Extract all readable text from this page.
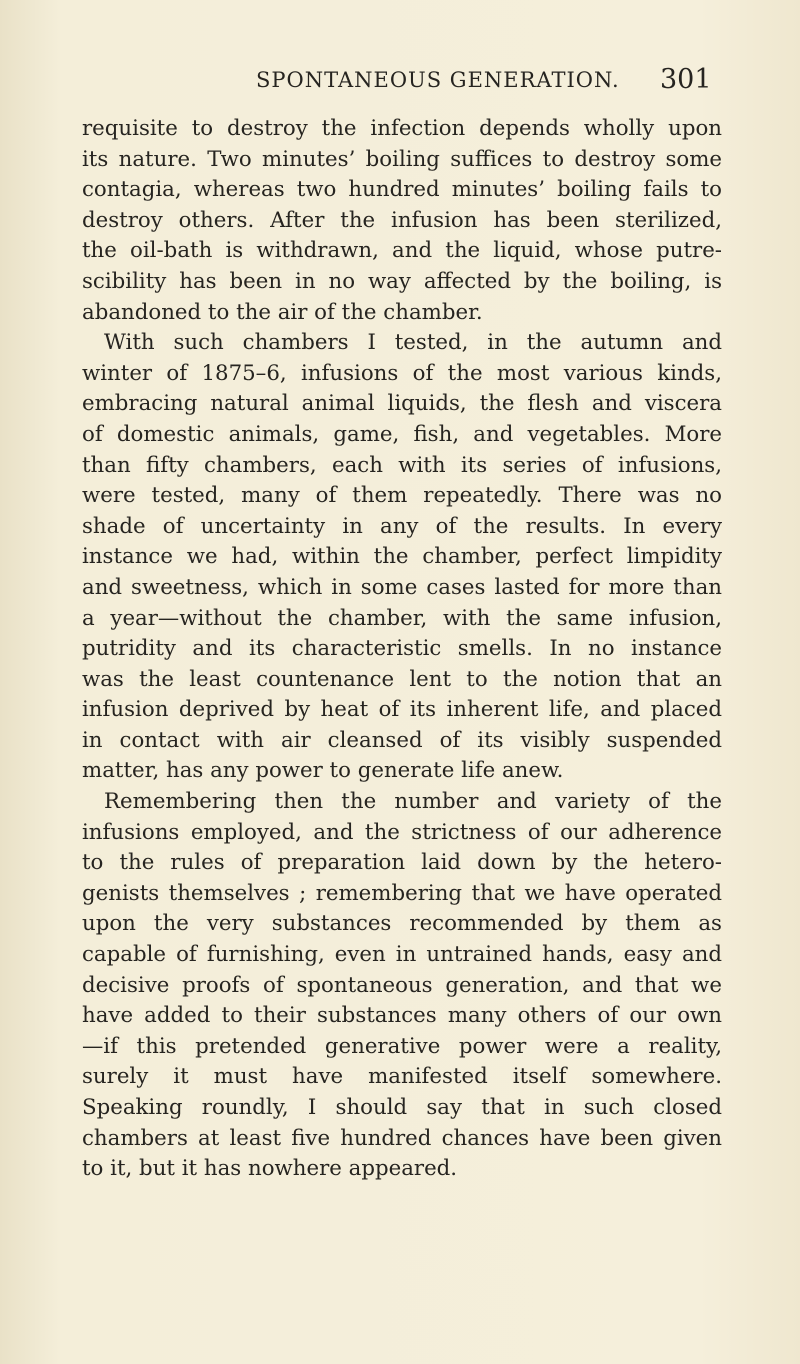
SPONTANEOUS GENERATION. 301
requisite to destroy the infection depends wholly upon
its nature. Two minutes’ boiling suffices to destroy some
contagia, whereas two hundred minutes’ boiling fails to
destroy others. After the infusion has been sterilized,
the oil-bath is withdrawn, and the liquid, whose putre-
scibility has been in no way affected by the boiling, is
abandoned to the air of the chamber.
With such chambers I tested, in the autumn and
winter of 1875–6, infusions of the most various kinds,
embracing natural animal liquids, the flesh and viscera
of domestic animals, game, fish, and vegetables. More
than fifty chambers, each with its series of infusions,
were tested, many of them repeatedly. There was no
shade of uncertainty in any of the results. In every
instance we had, within the chamber, perfect limpidity
and sweetness, which in some cases lasted for more than
a year—without the chamber, with the same infusion,
putridity and its characteristic smells. In no instance
was the least countenance lent to the notion that an
infusion deprived by heat of its inherent life, and placed
in contact with air cleansed of its visibly suspended
matter, has any power to generate life anew.
Remembering then the number and variety of the
infusions employed, and the strictness of our adherence
to the rules of preparation laid down by the hetero-
genists themselves ; remembering that we have operated
upon the very substances recommended by them as
capable of furnishing, even in untrained hands, easy and
decisive proofs of spontaneous generation, and that we
have added to their substances many others of our own
—if this pretended generative power were a reality,
surely it must have manifested itself somewhere.
Speaking roundly, I should say that in such closed
chambers at least five hundred chances have been given
to it, but it has nowhere appeared.
